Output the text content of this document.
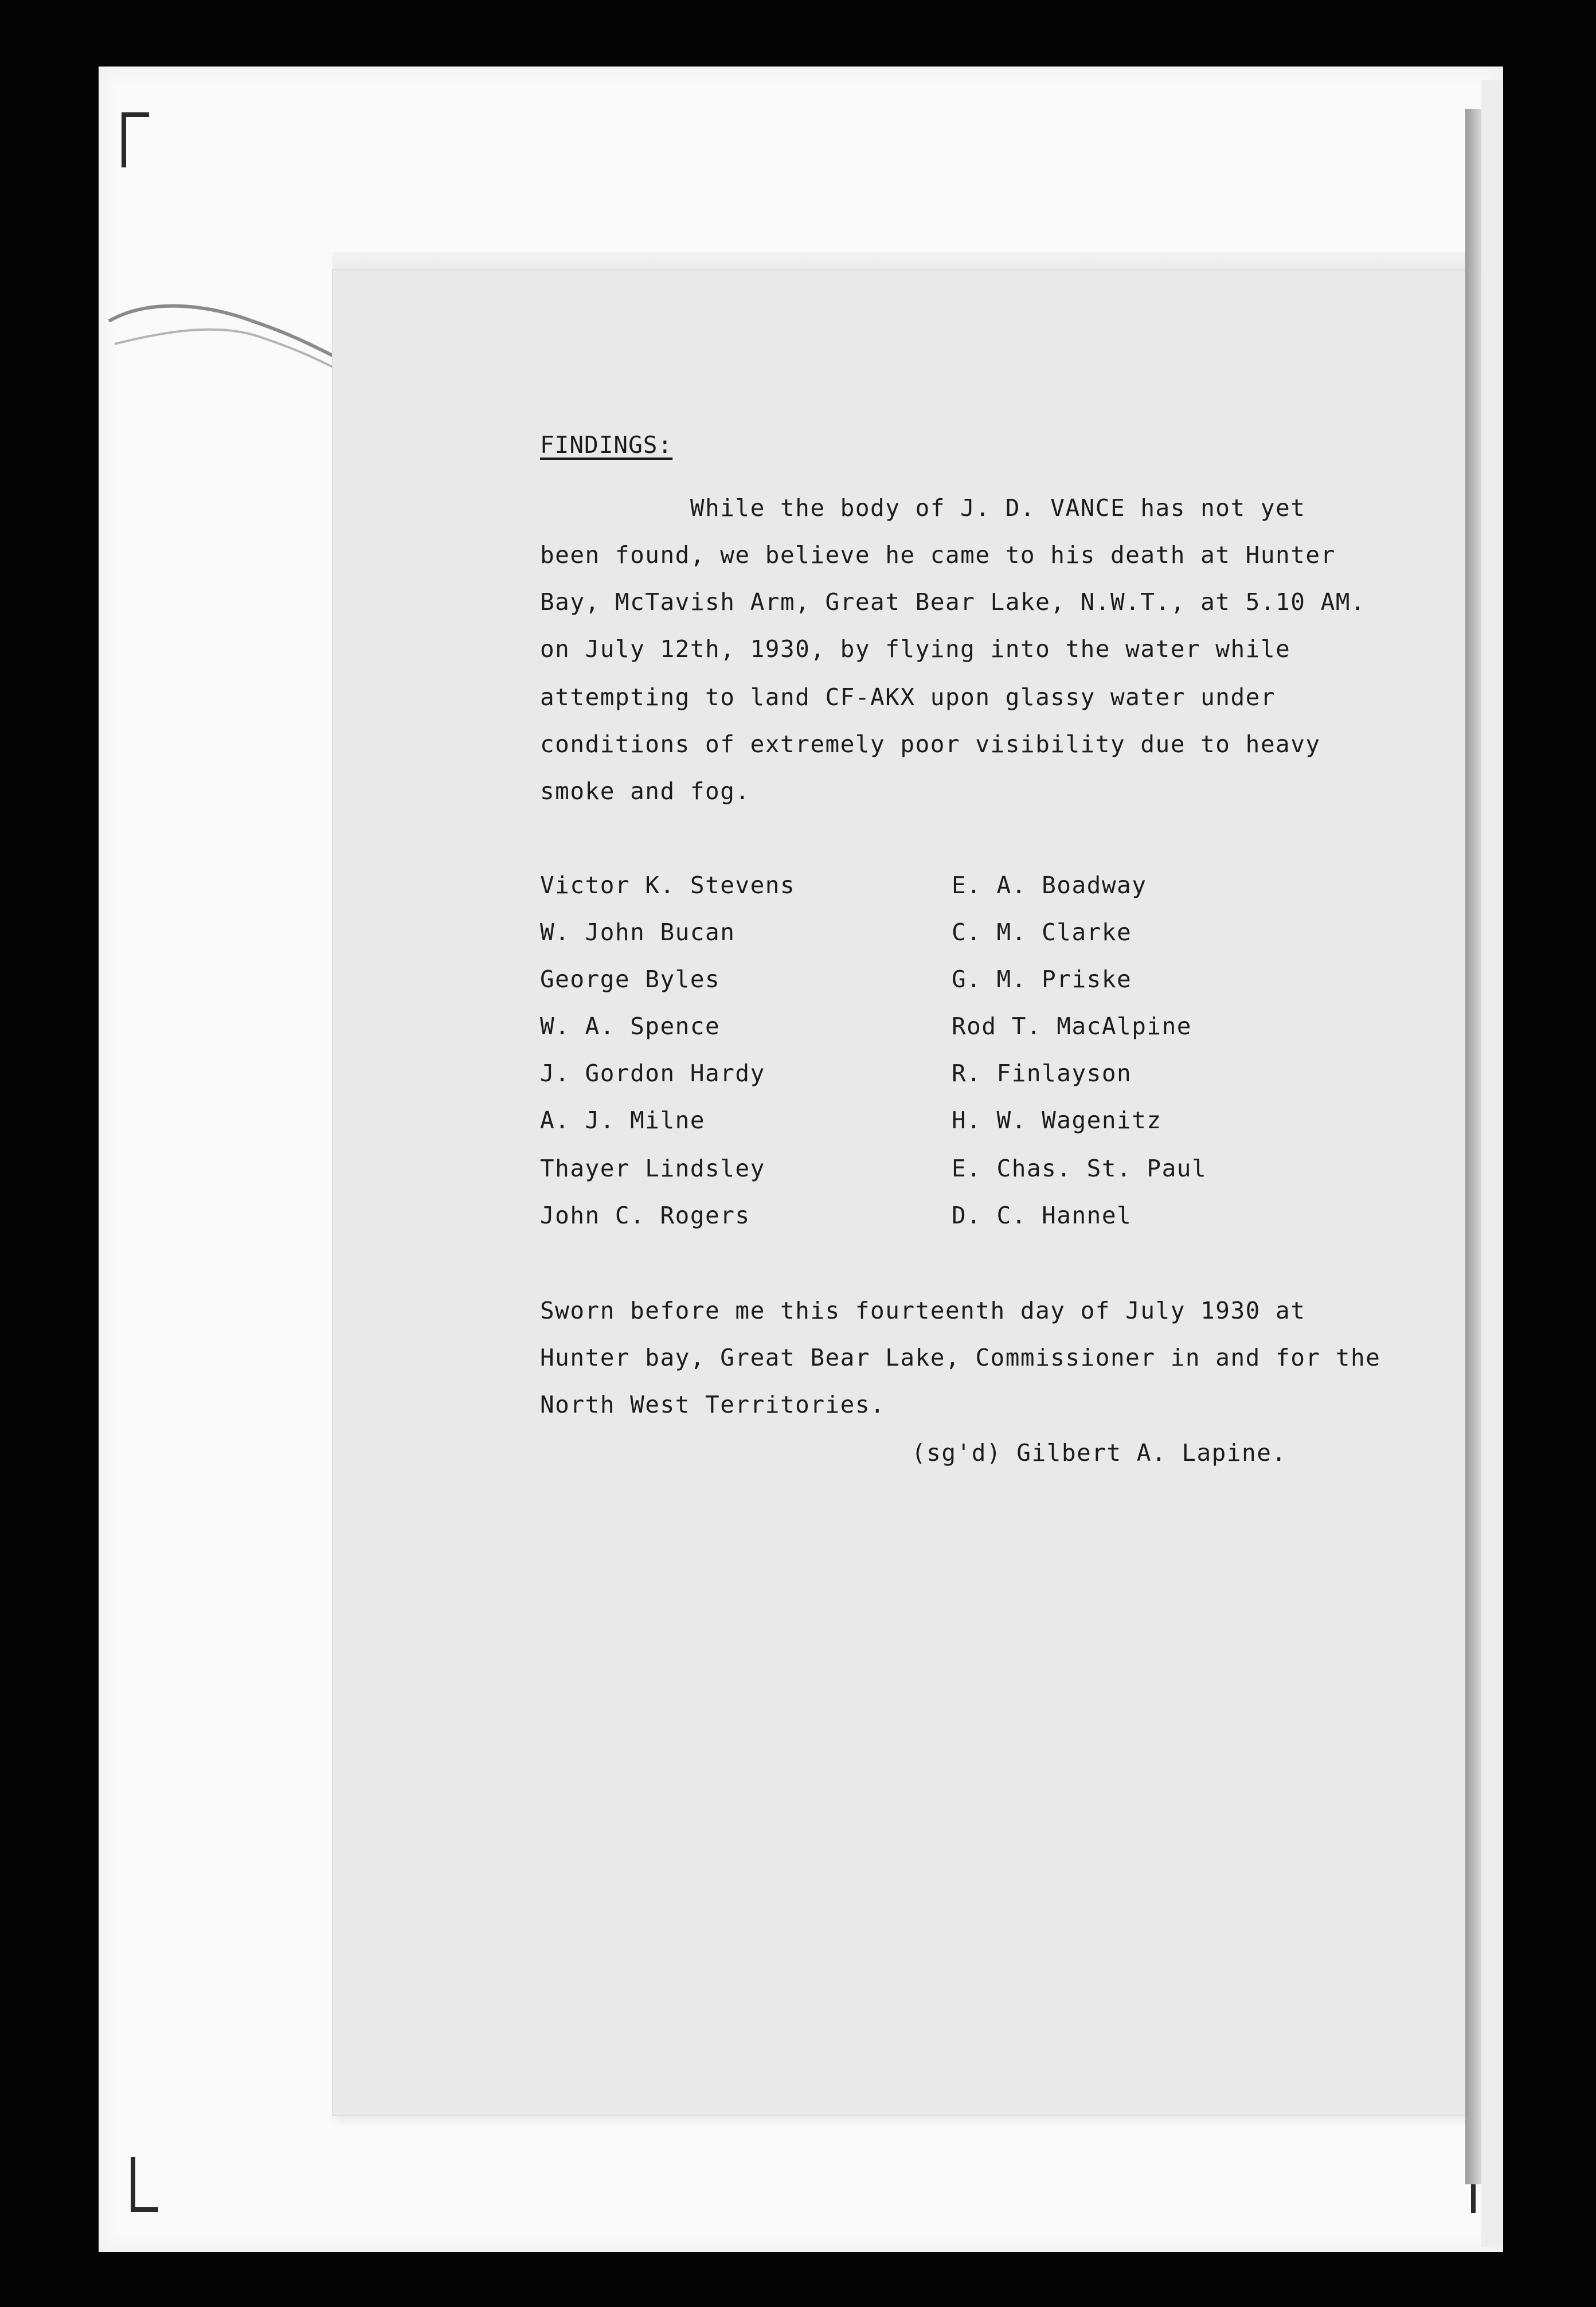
FINDINGS:
While the body of J. D. VANCE has not yet
been found, we believe he came to his death at Hunter
Bay, McTavish Arm, Great Bear Lake, N.W.T., at 5.10 AM.
on July 12th, 1930, by flying into the water while
attempting to land CF-AKX upon glassy water under
conditions of extremely poor visibility due to heavy
smoke and fog.
Victor K. Stevens
W. John Bucan
George Byles
W. A. Spence
J. Gordon Hardy
A. J. Milne
Thayer Lindsley
John C. Rogers
E. A. Boadway
C. M. Clarke
G. M. Priske
Rod T. MacAlpine
R. Finlayson
H. W. Wagenitz
E. Chas. St. Paul
D. C. Hannel
Sworn before me this fourteenth day of July 1930 at
Hunter bay, Great Bear Lake, Commissioner in and for the
North West Territories.
(sg'd) Gilbert A. Lapine.
